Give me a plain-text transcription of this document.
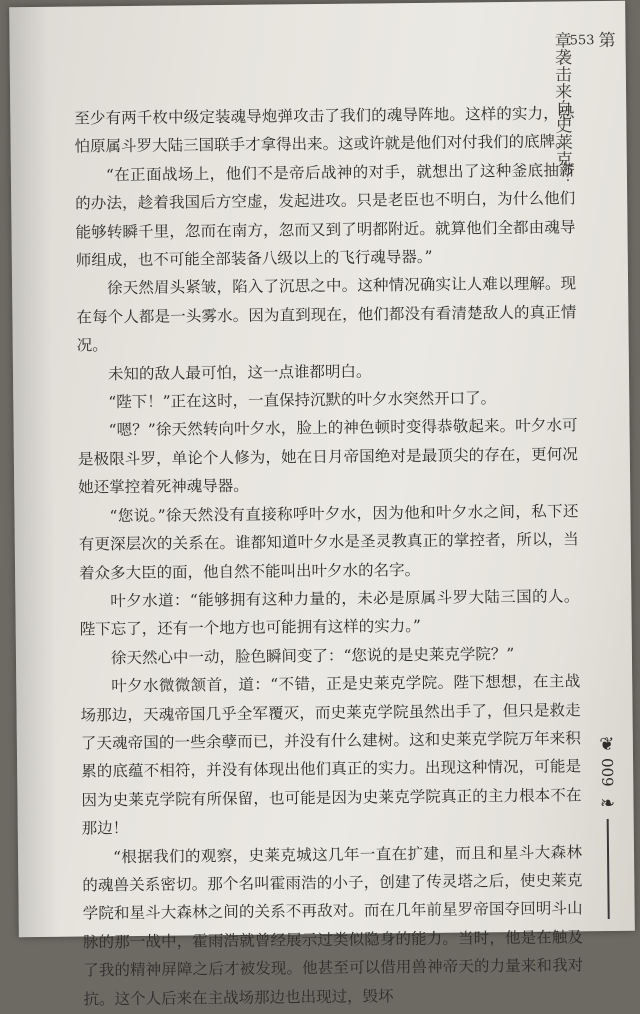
第
553
章袭击来自史莱克？

至少有两千枚中级定装魂导炮弹攻击了我们的魂导阵地。这样的实力，恐怕原属斗罗大陆三国联手才拿得出来。这或许就是他们对付我们的底牌。

“在正面战场上，他们不是帝后战神的对手，就想出了这种釜底抽薪的办法，趁着我国后方空虚，发起进攻。只是老臣也不明白，为什么他们能够转瞬千里，忽而在南方，忽而又到了明都附近。就算他们全都由魂导师组成，也不可能全部装备八级以上的飞行魂导器。”

徐天然眉头紧皱，陷入了沉思之中。这种情况确实让人难以理解。现在每个人都是一头雾水。因为直到现在，他们都没有看清楚敌人的真正情况。

未知的敌人最可怕，这一点谁都明白。

“陛下！”正在这时，一直保持沉默的叶夕水突然开口了。

“嗯？”徐天然转向叶夕水，脸上的神色顿时变得恭敬起来。叶夕水可是极限斗罗，单论个人修为，她在日月帝国绝对是最顶尖的存在，更何况她还掌控着死神魂导器。

“您说。”徐天然没有直接称呼叶夕水，因为他和叶夕水之间，私下还有更深层次的关系在。谁都知道叶夕水是圣灵教真正的掌控者，所以，当着众多大臣的面，他自然不能叫出叶夕水的名字。

叶夕水道：“能够拥有这种力量的，未必是原属斗罗大陆三国的人。陛下忘了，还有一个地方也可能拥有这样的实力。”

徐天然心中一动，脸色瞬间变了：“您说的是史莱克学院？”

叶夕水微微颔首，道：“不错，正是史莱克学院。陛下想想，在主战场那边，天魂帝国几乎全军覆灭，而史莱克学院虽然出手了，但只是救走了天魂帝国的一些余孽而已，并没有什么建树。这和史莱克学院万年来积累的底蕴不相符，并没有体现出他们真正的实力。出现这种情况，可能是因为史莱克学院有所保留，也可能是因为史莱克学院真正的主力根本不在那边！

“根据我们的观察，史莱克城这几年一直在扩建，而且和星斗大森林的魂兽关系密切。那个名叫霍雨浩的小子，创建了传灵塔之后，使史莱克学院和星斗大森林之间的关系不再敌对。而在几年前星罗帝国夺回明斗山脉的那一战中，霍雨浩就曾经展示过类似隐身的能力。当时，他是在触及了我的精神屏障之后才被发现。他甚至可以借用兽神帝天的力量来和我对抗。这个人后来在主战场那边也出现过，毁坏

❦
009
❧
